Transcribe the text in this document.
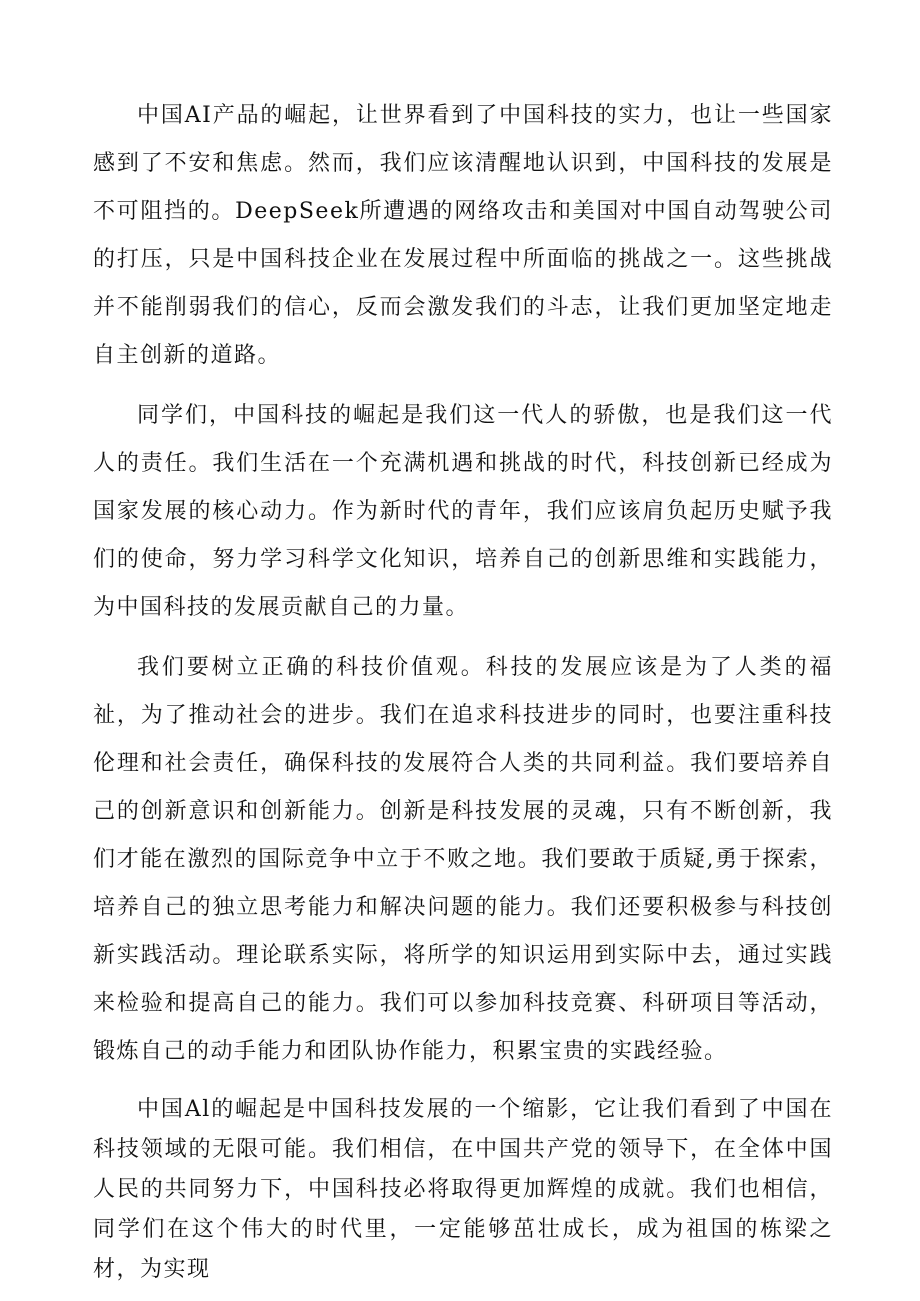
中国AI产品的崛起，让世界看到了中国科技的实力，也让一些国家感到了不安和焦虑。然而，我们应该清醒地认识到，中国科技的发展是不可阻挡的。DeepSeek所遭遇的网络攻击和美国对中国自动驾驶公司的打压，只是中国科技企业在发展过程中所面临的挑战之一。这些挑战并不能削弱我们的信心，反而会激发我们的斗志，让我们更加坚定地走自主创新的道路。

同学们，中国科技的崛起是我们这一代人的骄傲，也是我们这一代人的责任。我们生活在一个充满机遇和挑战的时代，科技创新已经成为国家发展的核心动力。作为新时代的青年，我们应该肩负起历史赋予我们的使命，努力学习科学文化知识，培养自己的创新思维和实践能力，为中国科技的发展贡献自己的力量。

我们要树立正确的科技价值观。科技的发展应该是为了人类的福祉，为了推动社会的进步。我们在追求科技进步的同时，也要注重科技伦理和社会责任，确保科技的发展符合人类的共同利益。我们要培养自己的创新意识和创新能力。创新是科技发展的灵魂，只有不断创新，我们才能在激烈的国际竞争中立于不败之地。我们要敢于质疑,勇于探索，培养自己的独立思考能力和解决问题的能力。我们还要积极参与科技创新实践活动。理论联系实际，将所学的知识运用到实际中去，通过实践来检验和提高自己的能力。我们可以参加科技竞赛、科研项目等活动，锻炼自己的动手能力和团队协作能力，积累宝贵的实践经验。

中国Al的崛起是中国科技发展的一个缩影，它让我们看到了中国在科技领域的无限可能。我们相信，在中国共产党的领导下，在全体中国人民的共同努力下，中国科技必将取得更加辉煌的成就。我们也相信，同学们在这个伟大的时代里，一定能够茁壮成长，成为祖国的栋梁之材，为实现
